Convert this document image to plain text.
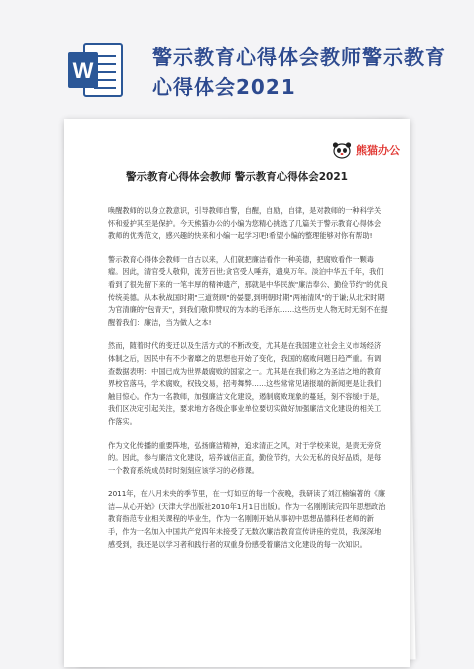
W
警示教育心得体会教师警示教育心得体会2021
熊猫办公
警示教育心得体会教师 警示教育心得体会2021

唤醒教师的以身立教意识，引导教师自警，自醒，自励，自律，是对教师的一种科学关怀和爱护其至是保护。今天熊猫办公的小编为您精心挑选了几篇关于警示教育心得体会教师的优秀范文，感兴趣的快来和小编一起学习吧!希望小编的整理能够对你有帮助!

警示教育心得体会教师一自古以来，人们就把廉洁看作一种美德，把腐败看作一颗毒瘤。因此，清官受人敬仰，流芳百世;贪官受人唾弃，遗臭万年。淡泊中华五千年，我们看到了很先留下来的一笔丰厚的精神遗产，那就是中华民族"廉洁奉公、勤俭节约"的优良传统美德。从本秋战国时期"三道贤顾"的晏婴,到明朝时期"两袖清风"的于谦;从北宋时期为官清廉的"包青天"，到我们敬仰赞叹的为本的毛泽东……这些历史人物无时无刻不在提醒着我们：廉洁，当为做人之本!

然而，随着时代的变迁以及生活方式的不断改变，尤其是在我国建立社会主义市场经济体制之后，因民中有不少奢靡之的思想也开始了变化，我国的腐败问题日趋严重。有调查数据表明：中国已成为世界最腐败的国家之一。尤其是在我们称之为圣洁之地的教育界校官落马，学术腐败，权钱交易，招考舞弊……这些常常见诸报端的新闻更是让我们触目惊心。作为一名教师，加强廉洁文化建设，遏制腐败现象的蔓延，刻不容缓!于是，我们区决定引起关注，要求地方各级企事业单位要切实做好加强廉洁文化建设的相关工作落实。

作为文化传播的重要阵地，弘扬廉洁精神，追求清正之风，对于学校来说，是责无旁贷的。因此，参与廉洁文化建设，培养诚信正直，勤俭节约，大公无私的良好品质，是每一个教育系统成员时时刻刻应该学习的必修课。

2011年，在八月未央的季节里，在一灯如豆的每一个夜晚，我研读了刘江楠编著的《廉洁—从心开始》(天津大学出版社2010年1月1日出版)。作为一名刚刚读完四年思想政治教育指范专业相关课程的毕业生，作为一名刚刚开始从事初中思想品德科任老师的新手，作为一名加入中国共产党四年未接受了无数次廉洁教育宣传讲座的党员，我深深地感受到，我还是以学习者和践行者的双重身份感受着廉洁文化建设的每一次知识。
